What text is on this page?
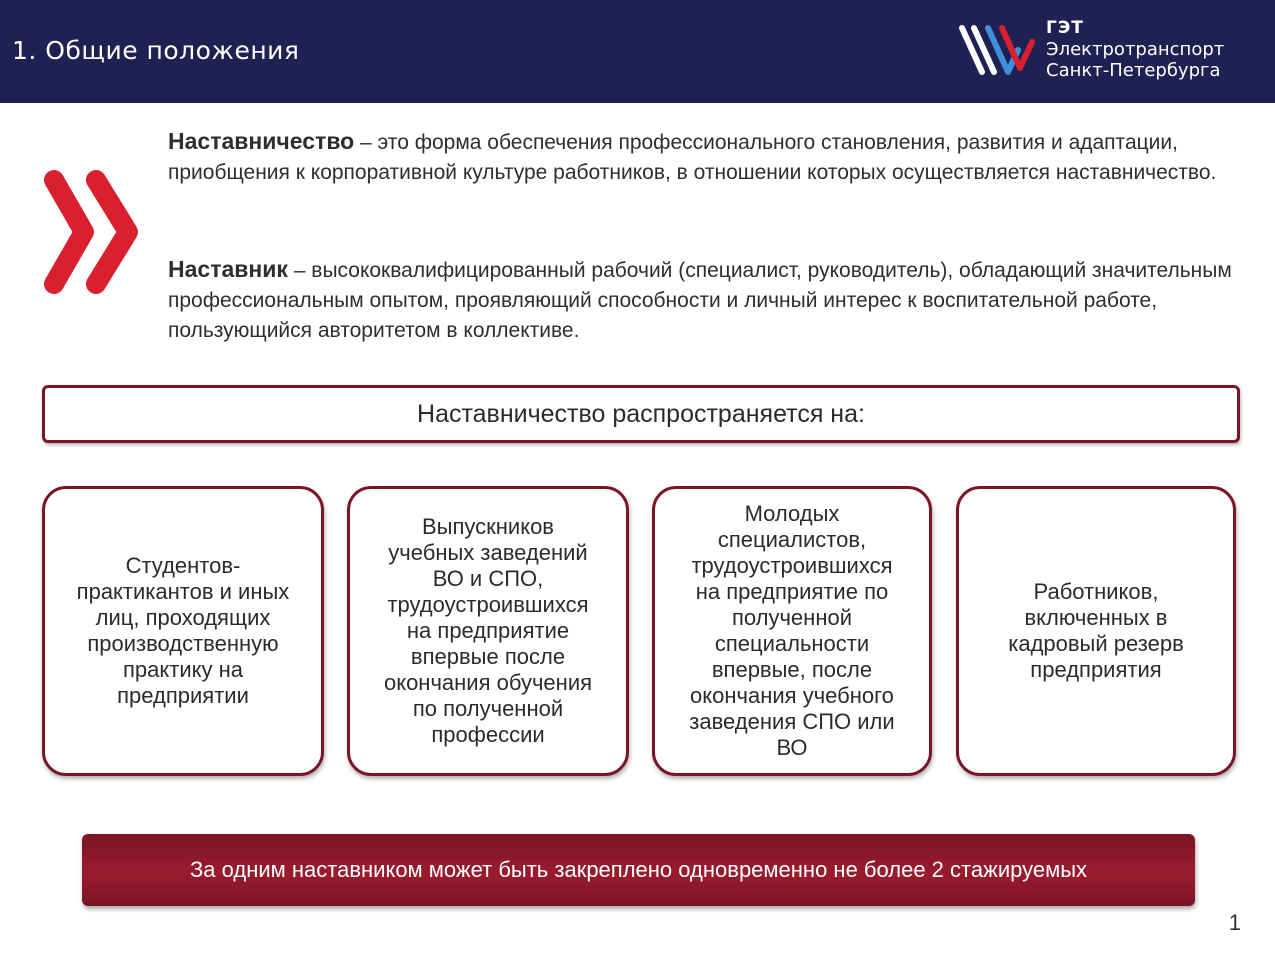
1. Общие положения
ГЭТ
Электротранспорт
Санкт-Петербурга
Наставничество – это форма обеспечения профессионального становления, развития и адаптации, приобщения к корпоративной культуре работников, в отношении которых осуществляется наставничество.
Наставник – высококвалифицированный рабочий (специалист, руководитель), обладающий значительным профессиональным опытом, проявляющий способности и личный интерес к воспитательной работе, пользующийся авторитетом в коллективе.
Наставничество распространяется на:
Студентов-
практикантов и иных
лиц, проходящих
производственную
практику на
предприятии
Выпускников
учебных заведений
ВО и СПО,
трудоустроившихся
на предприятие
впервые после
окончания обучения
по полученной
профессии
Молодых
специалистов,
трудоустроившихся
на предприятие по
полученной
специальности
впервые, после
окончания учебного
заведения СПО или
ВО
Работников,
включенных в
кадровый резерв
предприятия
За одним наставником может быть закреплено одновременно не более 2 стажируемых
1
